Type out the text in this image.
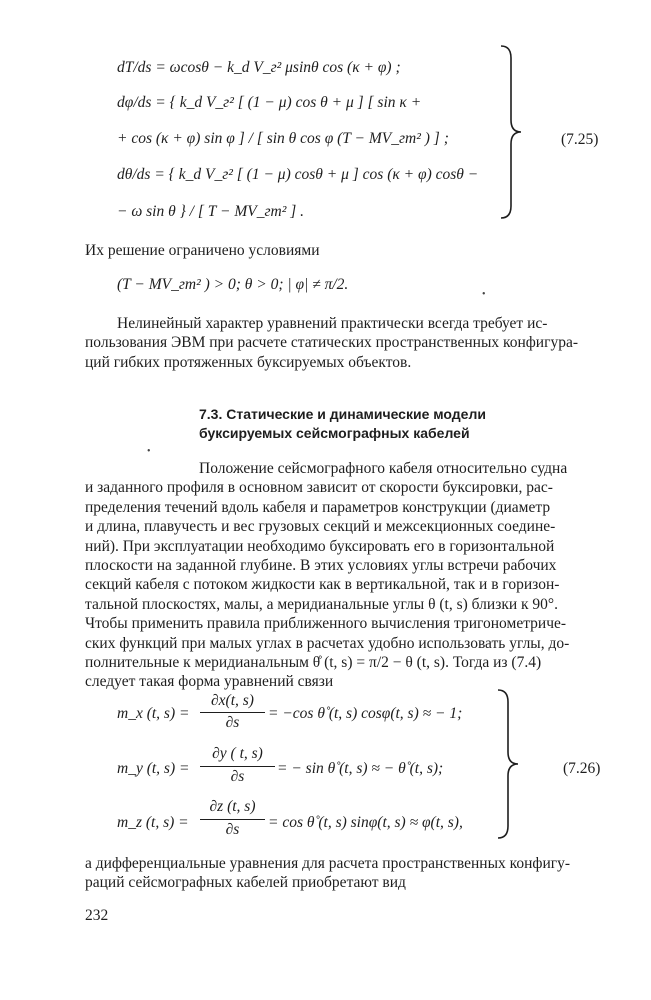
dT/ds = ωcosθ − k_d V_г² μsinθ cos (κ + φ) ;
dφ/ds = { k_d V_г² [ (1 − μ) cos θ + μ ] [ sin κ +
+ cos (κ + φ) sin φ ] / [ sin θ cos φ (T − MV_гm² ) ] ;
dθ/ds = { k_d V_г² [ (1 − μ) cosθ + μ ] cos (κ + φ) cosθ −
− ω sin θ } / [ T − MV_гm² ] .
(7.25)
Их решение ограничено условиями
(T − MV_гm² ) > 0; θ > 0; | φ| ≠ π/2.
•
Нелинейный характер уравнений практически всегда требует ис-
пользования ЭВМ при расчете статических пространственных конфигура-
ций гибких протяженных буксируемых объектов.
7.3. Статические и динамические модели
буксируемых сейсмографных кабелей
•
Положение сейсмографного кабеля относительно судна
и заданного профиля в основном зависит от скорости буксировки, рас-
пределения течений вдоль кабеля и параметров конструкции (диаметр
и длина, плавучесть и вес грузовых секций и межсекционных соедине-
ний). При эксплуатации необходимо буксировать его в горизонтальной
плоскости на заданной глубине. В этих условиях углы встречи рабочих
секций кабеля с потоком жидкости как в вертикальной, так и в горизон-
тальной плоскостях, малы, а меридианальные углы θ (t, s) близки к 90°.
Чтобы применить правила приближенного вычисления тригонометриче-
ских функций при малых углах в расчетах удобно использовать углы, до-
полнительные к меридианальным θ̊ (t, s) = π/2 − θ (t, s). Тогда из (7.4)
следует такая форма уравнений связи
m_x (t, s) =
∂x(t, s)
∂s
= −cos θ̊ (t, s) cosφ(t, s) ≈ − 1;
m_y (t, s) =
∂y ( t, s)
∂s	= − sin θ̊ (t, s) ≈ − θ̊ (t, s);
m_z (t, s) =
∂z (t, s)
∂s	= cos θ̊ (t, s) sinφ(t, s) ≈ φ(t, s),
(7.26)
а дифференциальные уравнения для расчета пространственных конфигу-
раций сейсмографных кабелей приобретают вид
232
